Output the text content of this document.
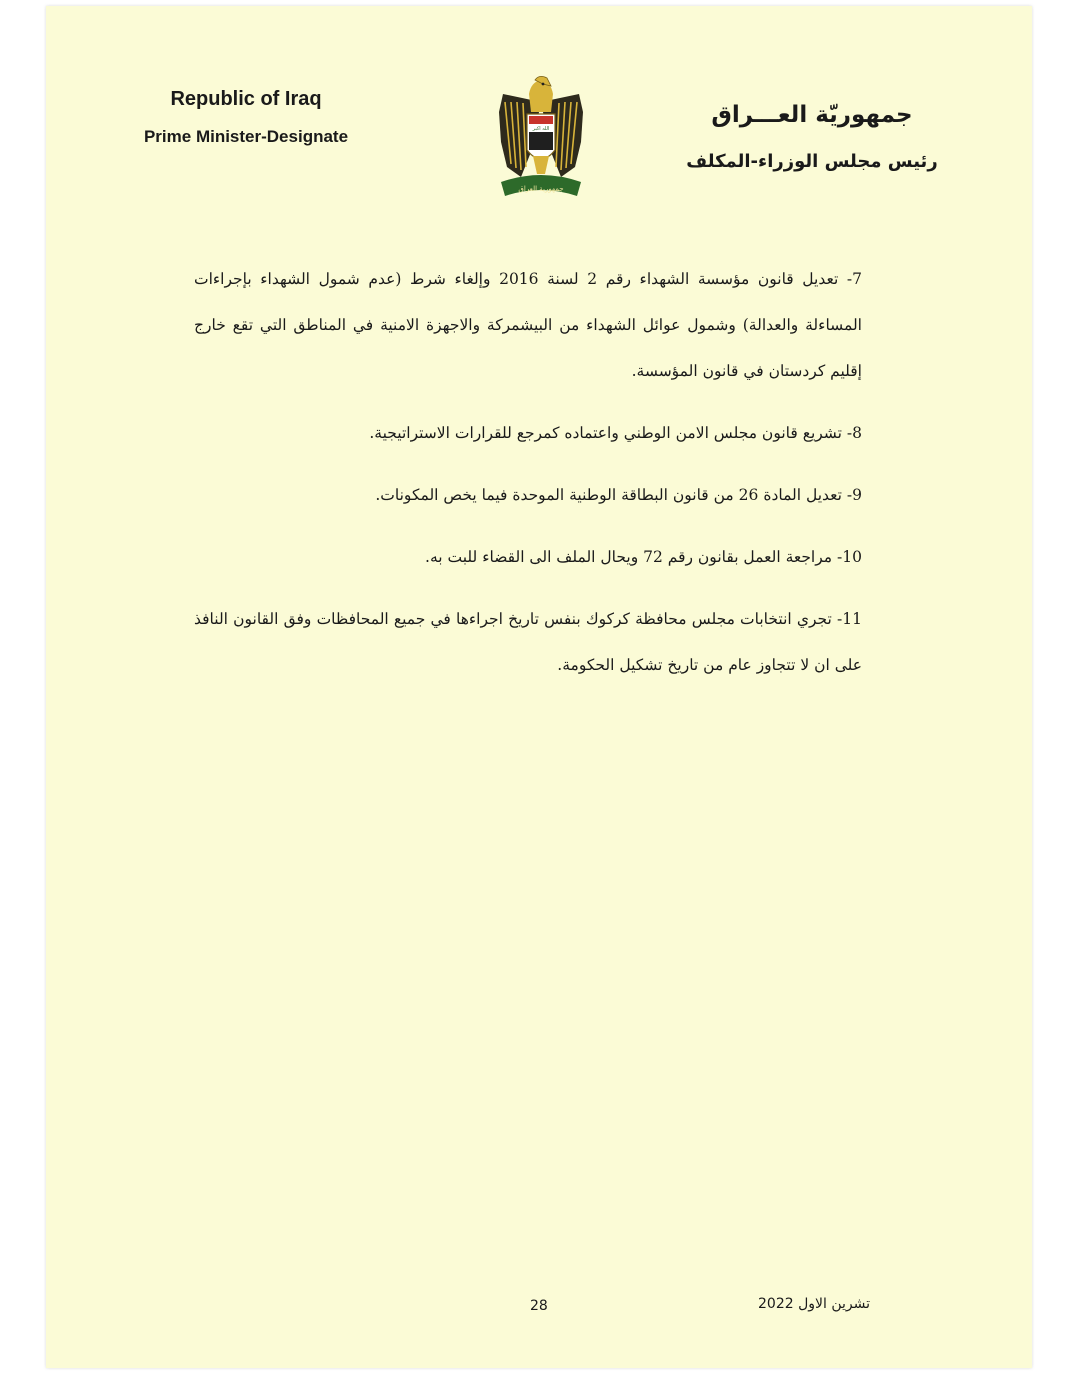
Republic of Iraq
Prime Minister-Designate	الله اكبر
جمهورية العراق
جمهوريّة العـــراق
رئيس مجلس الوزراء-المكلف

7- تعديل قانون مؤسسة الشهداء رقم 2 لسنة 2016 وإلغاء شرط (عدم شمول الشهداء بإجراءات المساءلة والعدالة) وشمول عوائل الشهداء من البيشمركة والاجهزة الامنية في المناطق التي تقع خارج إقليم كردستان في قانون المؤسسة.

8- تشريع قانون مجلس الامن الوطني واعتماده كمرجع للقرارات الاستراتيجية.

9- تعديل المادة 26 من قانون البطاقة الوطنية الموحدة فيما يخص المكونات.

10- مراجعة العمل بقانون رقم 72 ويحال الملف الى القضاء للبت به.

11- تجري انتخابات مجلس محافظة كركوك بنفس تاريخ اجراءها في جميع المحافظات وفق القانون النافذ على ان لا تتجاوز عام من تاريخ تشكيل الحكومة.

28	تشرين الاول 2022
